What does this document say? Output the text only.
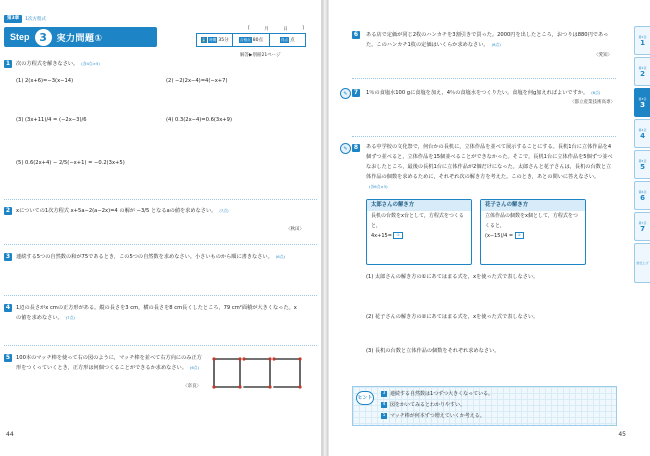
第3章	1次方程式
[	月	日	]
Step 3	実力問題①	⌛ 時間 35分	合格点 80点	得点 点
解答▶別冊21ページ
1	次の方程式を解きなさい。 (各4点×5)
(1) 2(x+6)=−3(x−14)	(2) −2(2x−4)=4(−x+7)
(3) (3x+11)/4 = (−2x−3)/6	(4) 0.3(2x−4)=0.6(3x+9)
(5) 0.6(2x+4) − 2/5(−x+1) = −0.2(3x+5)
2	xについての1次方程式 x+5a−2(a−2x)=4 の解が −3/5 となるaの値を求めなさい。 (7点)
〈秋田〉
3	連続する5つの自然数の和が75であるとき，この5つの自然数を求めなさい。小さいものから順に書きなさい。 (6点)
4	1辺の長さがx cmの正方形がある。縦の長さを3 cm，横の長さを8 cm長くしたところ，79 cm²面積が大きくなった。xの値を求めなさい。 (7点)
5	100本のマッチ棒を使って右の図のように，マッチ棒を並べて右方向にのみ正方形をつくっていくとき，正方形は何個つくることができるか求めなさい。 (6点)
〈奈良〉
44	45
6	ある店で定価が同じ2枚のハンカチを3割引きで買った。2000円を出したところ，おつりは880円であった。このハンカチ1枚の定価はいくらか求めなさい。 (6点)
〈愛知〉
✎	7	1％の食塩水100 gに食塩を加え，4％の食塩水をつくりたい。食塩を何g加えればよいですか。 (6点)
〈都立産業技術高専〉
✎	8	ある中学校の文化祭で，何台かの長机に，立体作品を並べて展示することにする。長机1台に立体作品を4個ずつ並べると，立体作品を15個並べることができなかった。そこで，長机1台に立体作品を5個ずつ並べなおしたところ，最後の長机1台に立体作品が2個だけになった。太郎さんと花子さんは，長机の台数と立体作品の個数を求めるために，それぞれ次の解き方を考えた。このとき，あとの問いに答えなさい。(各6点×3)
太郎さんの解き方
長机の台数をx台として，方程式をつくると，
4x+15= ①
花子さんの解き方
立体作品の個数をx個として，方程式をつくると，
(x−15)/4 = ②
(1) 太郎さんの解き方の①にあてはまる式を，xを使った式で表しなさい。
(2) 花子さんの解き方の②にあてはまる式を，xを使った式で表しなさい。
(3) 長机の台数と立体作品の個数をそれぞれ求めなさい。
ヒント
3 連続する自然数は1つずつ大きくなっている。
4 図をかいてみるとわかりやすい。
5 マッチ棒が何本ずつ増えていくか考える。
第1章
1
第2章
2
第3章
3
第4章
4
第5章
5
第6章
6
第7章
7
総仕上げ
